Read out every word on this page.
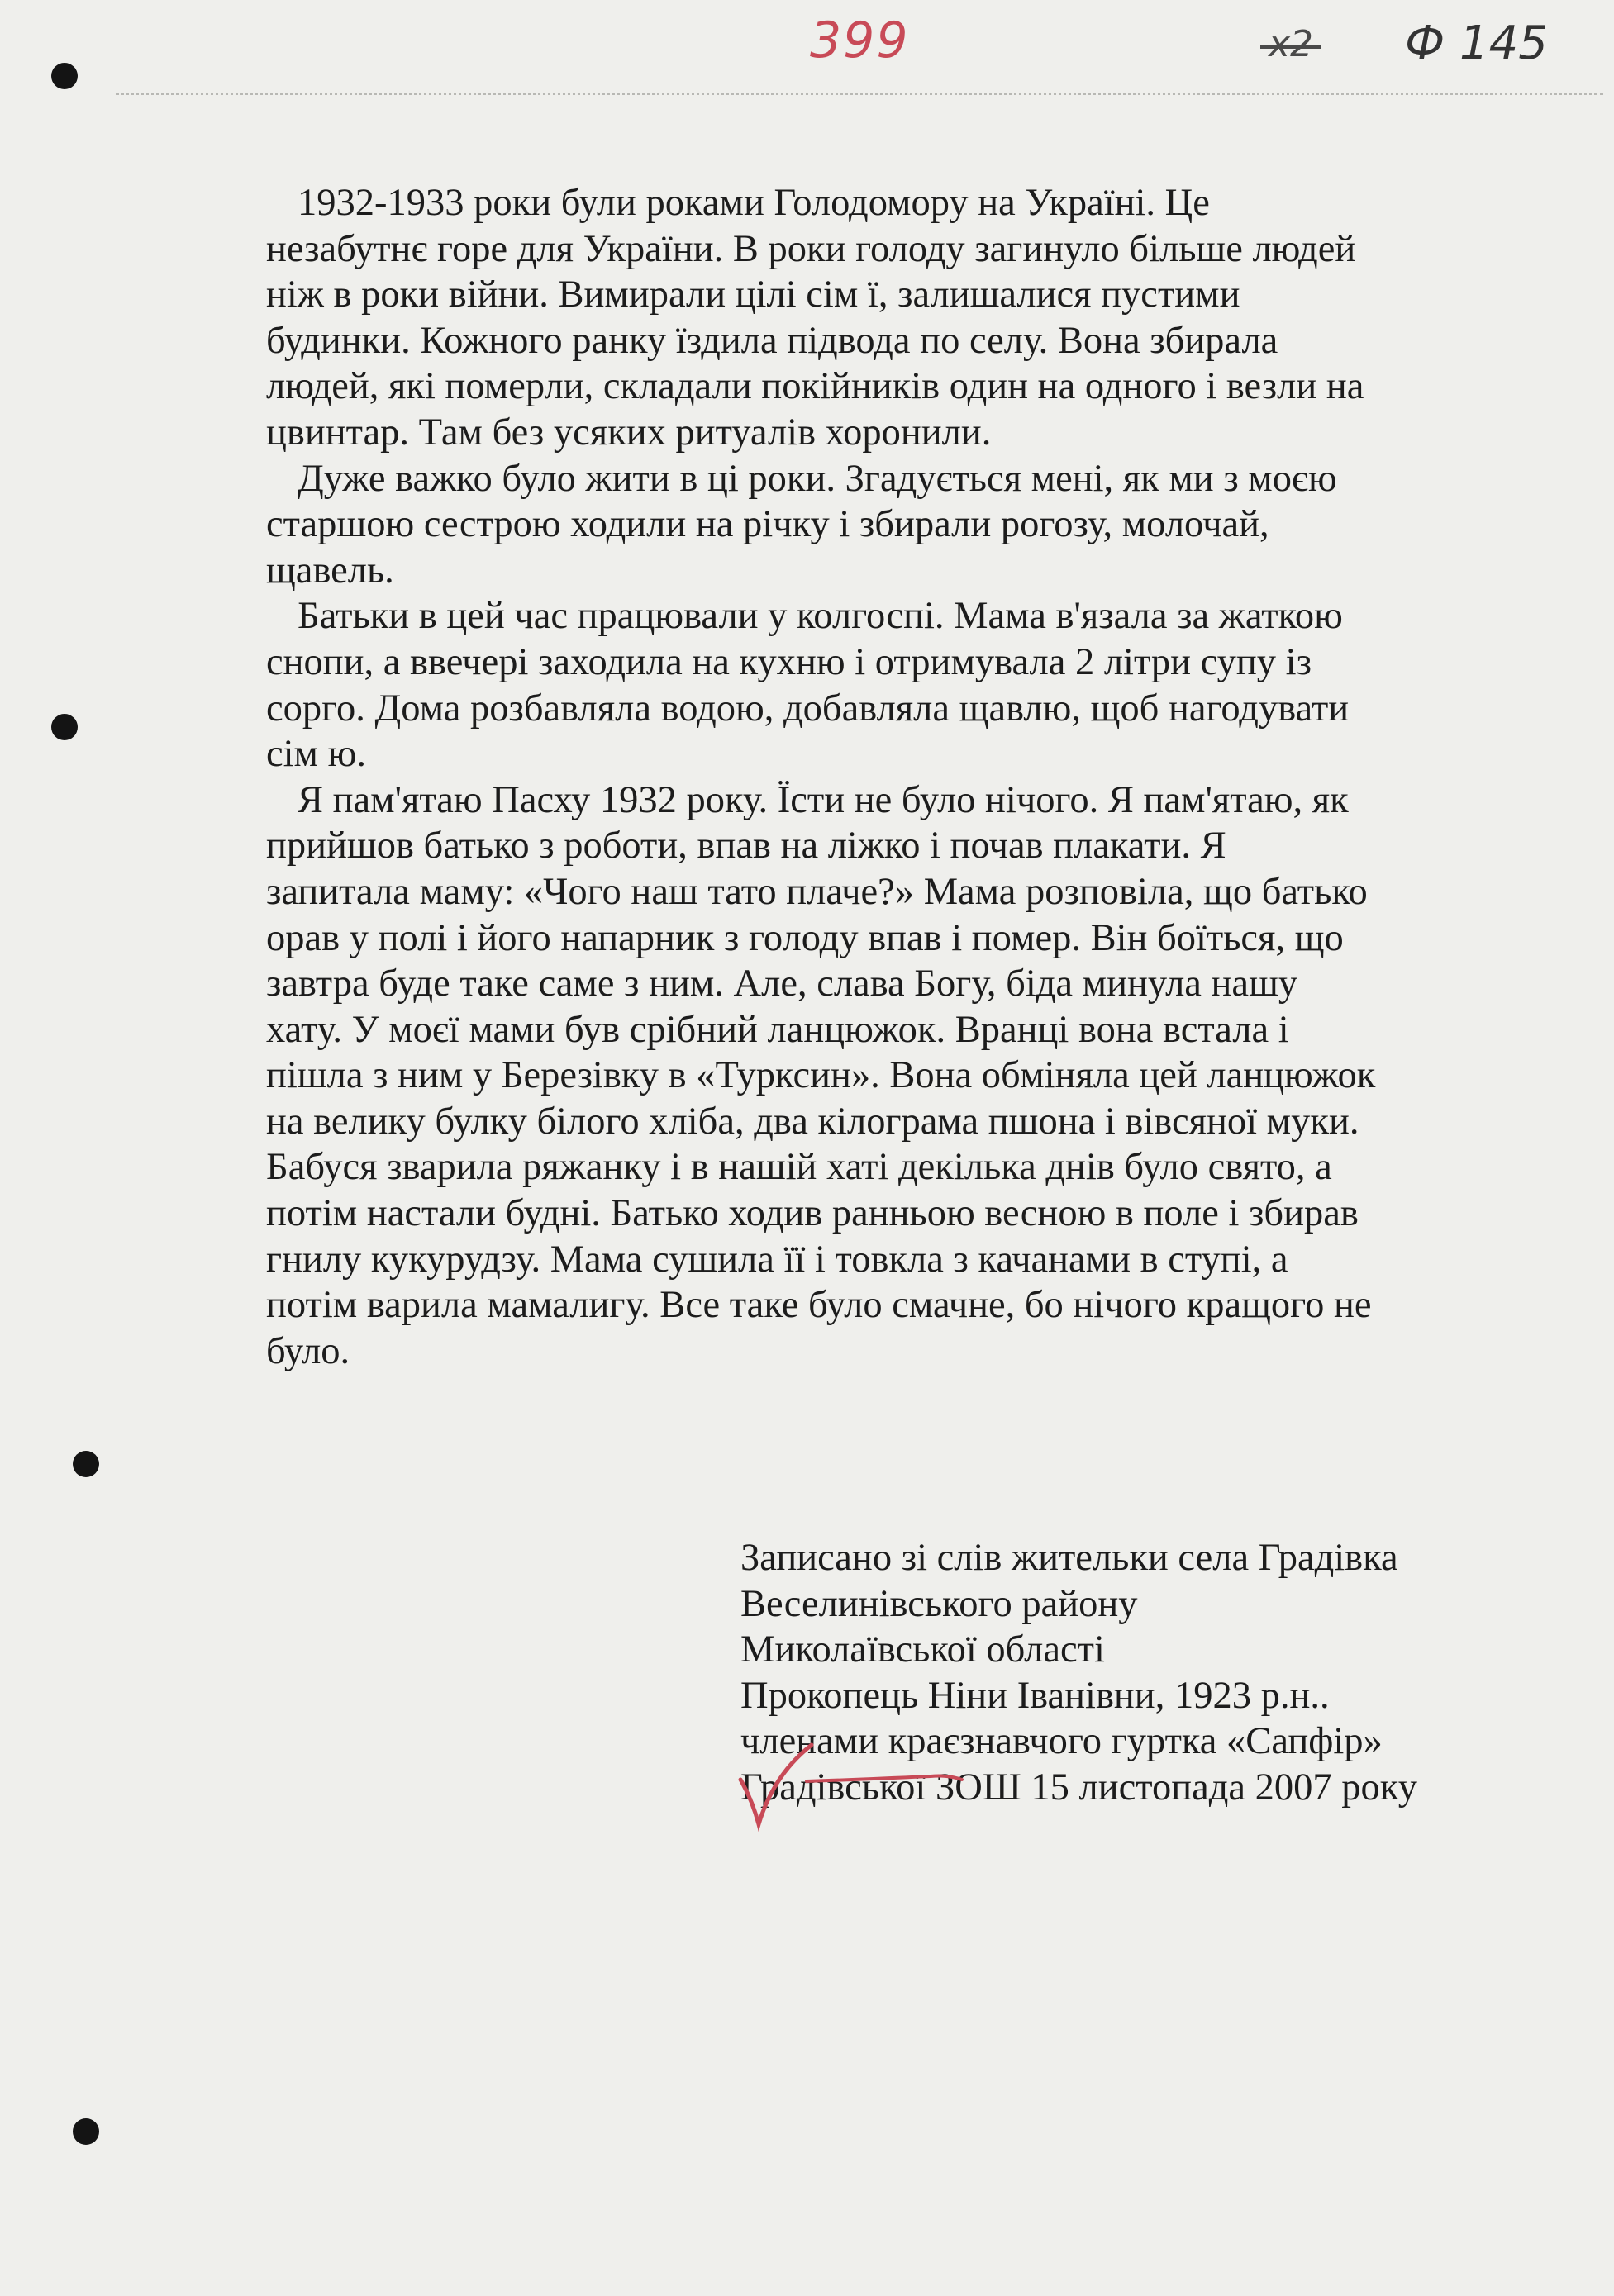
399	х2 Ф 145

1932-1933 роки були роками Голодомору на Україні. Це
незабутнє горе для України. В роки голоду загинуло більше людей
ніж в роки війни. Вимирали цілі сім ї, залишалися пустими
будинки. Кожного ранку їздила підвода по селу. Вона збирала
людей, які померли, складали покійників один на одного і везли на
цвинтар. Там без усяких ритуалів хоронили.

Дуже важко було жити в ці роки. Згадується мені, як ми з моєю
старшою сестрою ходили на річку і збирали рогозу, молочай,
щавель.

Батьки в цей час працювали у колгоспі. Мама в'язала за жаткою
снопи, а ввечері заходила на кухню і отримувала 2 літри супу із
сорго. Дома розбавляла водою, добавляла щавлю, щоб нагодувати
сім ю.

Я пам'ятаю Пасху 1932 року. Їсти не було нічого. Я пам'ятаю, як
прийшов батько з роботи, впав на ліжко і почав плакати. Я
запитала маму: «Чого наш тато плаче?» Мама розповіла, що батько
орав у полі і його напарник з голоду впав і помер. Він боїться, що
завтра буде таке саме з ним. Але, слава Богу, біда минула нашу
хату. У моєї мами був срібний ланцюжок. Вранці вона встала і
пішла з ним у Березівку в «Турксин». Вона обміняла цей ланцюжок
на велику булку білого хліба, два кілограма пшона і вівсяної муки.
Бабуся зварила ряжанку і в нашій хаті декілька днів було свято, а
потім настали будні. Батько ходив ранньою весною в поле і збирав
гнилу кукурудзу. Мама сушила її і товкла з качанами в ступі, а
потім варила мамалигу. Все таке було смачне, бо нічого кращого не
було.

Записано зі слів жительки села Градівка
Веселинівського району
Миколаївської області
Прокопець Ніни Іванівни, 1923 р.н..
членами краєзнавчого гуртка «Сапфір»
Градівської ЗОШ 15 листопада 2007 року
